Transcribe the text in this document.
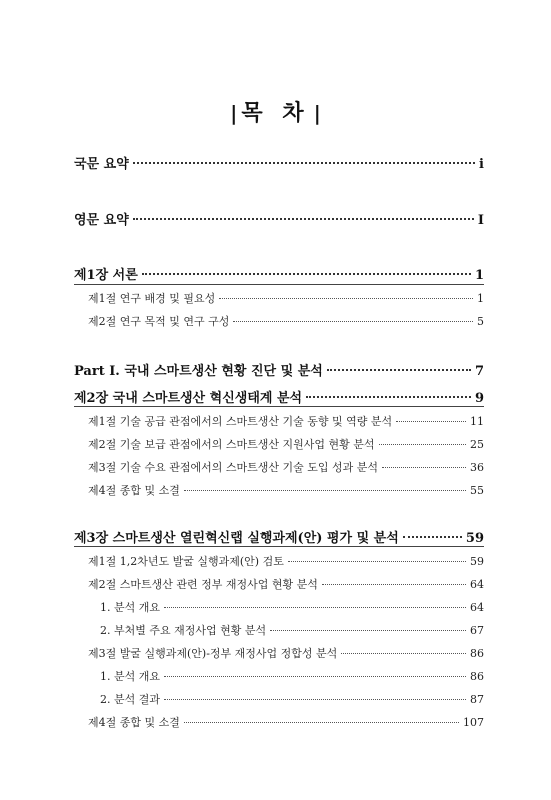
| 목 차 |
국문 요약	i
영문 요약	I
제1장 서론	1
제1절 연구 배경 및 필요성	1
제2절 연구 목적 및 연구 구성	5
Part I. 국내 스마트생산 현황 진단 및 분석	7
제2장 국내 스마트생산 혁신생태계 분석	9
제1절 기술 공급 관점에서의 스마트생산 기술 동향 및 역량 분석	11
제2절 기술 보급 관점에서의 스마트생산 지원사업 현황 분석	25
제3절 기술 수요 관점에서의 스마트생산 기술 도입 성과 분석	36
제4절 종합 및 소결	55
제3장 스마트생산 열린혁신랩 실행과제(안) 평가 및 분석	59
제1절 1,2차년도 발굴 실행과제(안) 검토	59
제2절 스마트생산 관련 정부 재정사업 현황 분석	64
1. 분석 개요	64
2. 부처별 주요 재정사업 현황 분석	67
제3절 발굴 실행과제(안)-정부 재정사업 정합성 분석	86
1. 분석 개요	86
2. 분석 결과	87
제4절 종합 및 소결	107
